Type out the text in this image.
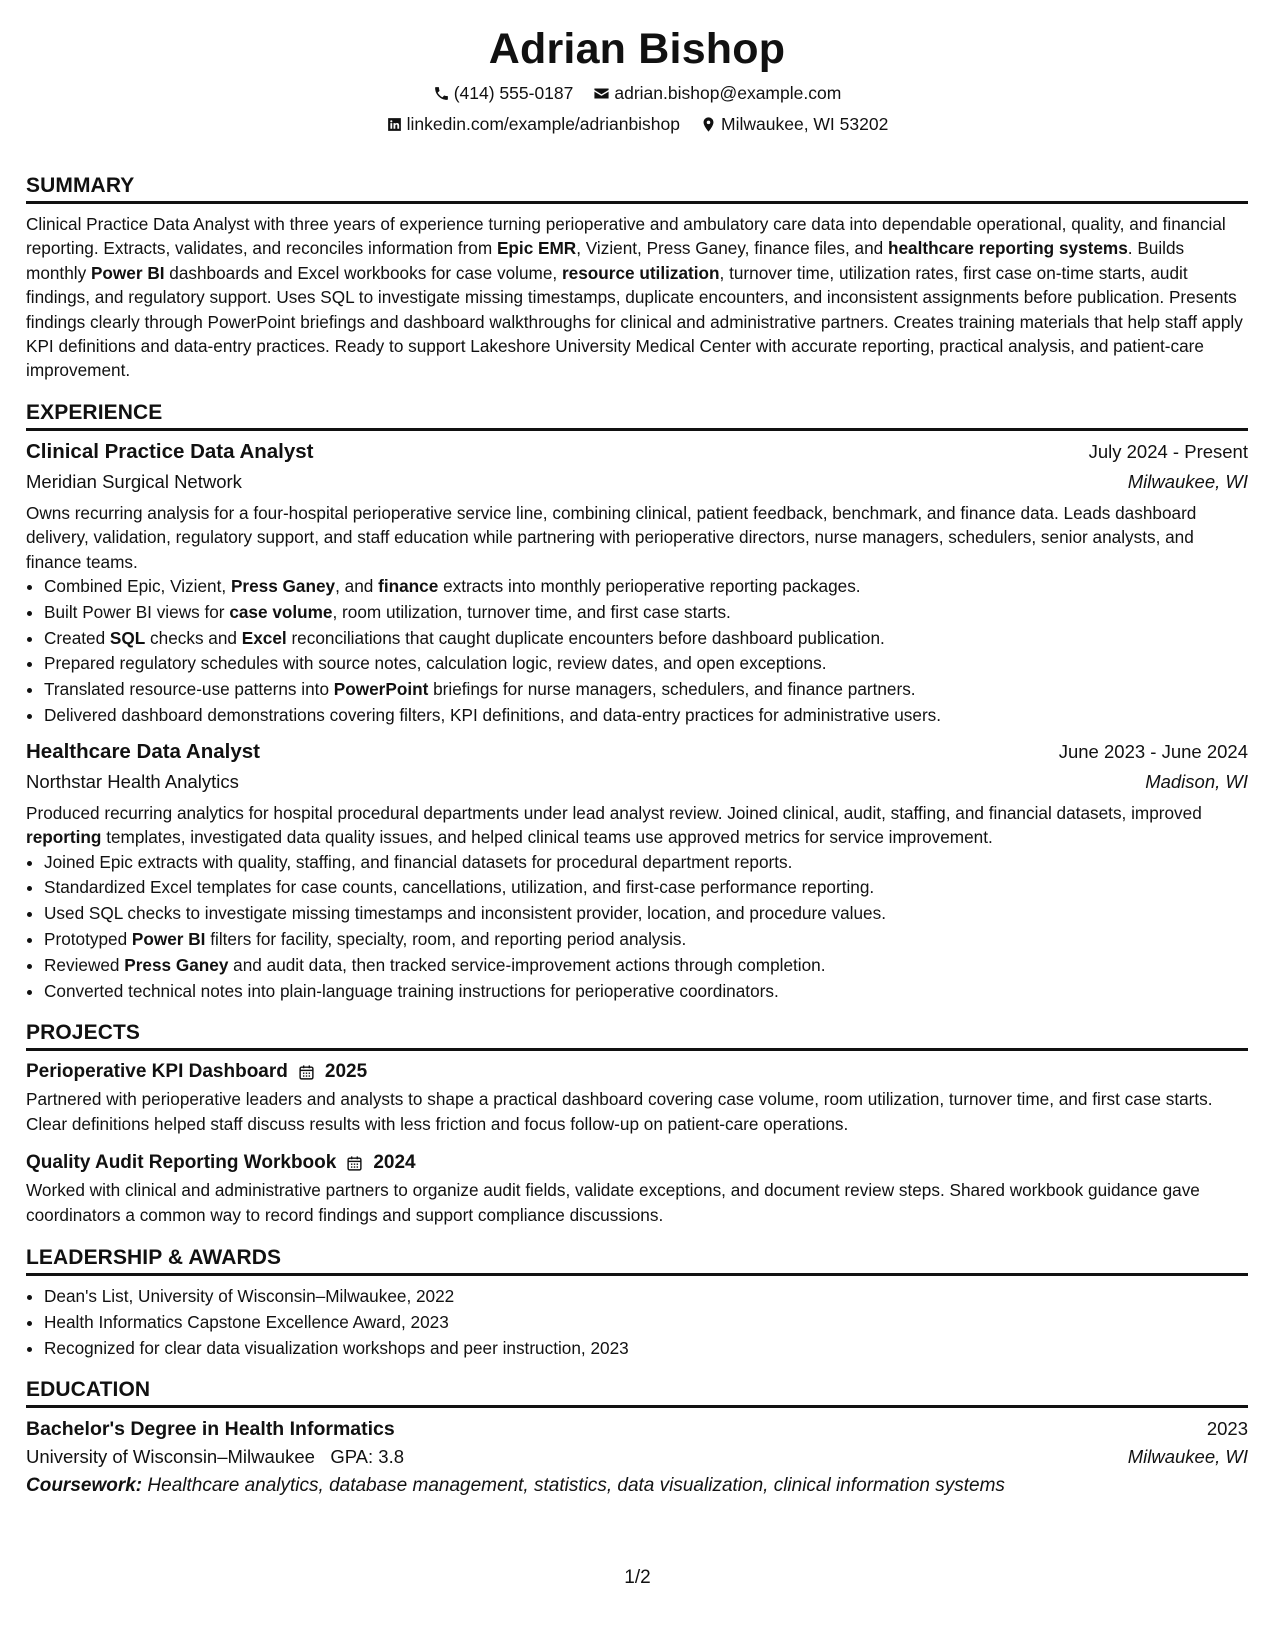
Adrian Bishop
(414) 555-0187 adrian.bishop@example.com
linkedin.com/example/adrianbishop Milwaukee, WI 53202
SUMMARY

Clinical Practice Data Analyst with three years of experience turning perioperative and ambulatory care data into dependable operational, quality, and financial reporting. Extracts, validates, and reconciles information from Epic EMR, Vizient, Press Ganey, finance files, and healthcare reporting systems. Builds monthly Power BI dashboards and Excel workbooks for case volume, resource utilization, turnover time, utilization rates, first case on-time starts, audit findings, and regulatory support. Uses SQL to investigate missing timestamps, duplicate encounters, and inconsistent assignments before publication. Presents findings clearly through PowerPoint briefings and dashboard walkthroughs for clinical and administrative partners. Creates training materials that help staff apply KPI definitions and data-entry practices. Ready to support Lakeshore University Medical Center with accurate reporting, practical analysis, and patient-care improvement.

EXPERIENCE
Clinical Practice Data Analyst	July 2024 - Present
Meridian Surgical Network	Milwaukee, WI

Owns recurring analysis for a four-hospital perioperative service line, combining clinical, patient feedback, benchmark, and finance data. Leads dashboard delivery, validation, regulatory support, and staff education while partnering with perioperative directors, nurse managers, schedulers, senior analysts, and finance teams.

• Combined Epic, Vizient, Press Ganey, and finance extracts into monthly perioperative reporting packages.
• Built Power BI views for case volume, room utilization, turnover time, and first case starts.
• Created SQL checks and Excel reconciliations that caught duplicate encounters before dashboard publication.
• Prepared regulatory schedules with source notes, calculation logic, review dates, and open exceptions.
• Translated resource-use patterns into PowerPoint briefings for nurse managers, schedulers, and finance partners.
• Delivered dashboard demonstrations covering filters, KPI definitions, and data-entry practices for administrative users.
Healthcare Data Analyst	June 2023 - June 2024
Northstar Health Analytics	Madison, WI

Produced recurring analytics for hospital procedural departments under lead analyst review. Joined clinical, audit, staffing, and financial datasets, improved reporting templates, investigated data quality issues, and helped clinical teams use approved metrics for service improvement.

• Joined Epic extracts with quality, staffing, and financial datasets for procedural department reports.
• Standardized Excel templates for case counts, cancellations, utilization, and first-case performance reporting.
• Used SQL checks to investigate missing timestamps and inconsistent provider, location, and procedure values.
• Prototyped Power BI filters for facility, specialty, room, and reporting period analysis.
• Reviewed Press Ganey and audit data, then tracked service-improvement actions through completion.
• Converted technical notes into plain-language training instructions for perioperative coordinators.
PROJECTS
Perioperative KPI Dashboard 2025

Partnered with perioperative leaders and analysts to shape a practical dashboard covering case volume, room utilization, turnover time, and first case starts. Clear definitions helped staff discuss results with less friction and focus follow-up on patient-care operations.

Quality Audit Reporting Workbook 2024

Worked with clinical and administrative partners to organize audit fields, validate exceptions, and document review steps. Shared workbook guidance gave coordinators a common way to record findings and support compliance discussions.

LEADERSHIP & AWARDS
• Dean's List, University of Wisconsin–Milwaukee, 2022
• Health Informatics Capstone Excellence Award, 2023
• Recognized for clear data visualization workshops and peer instruction, 2023
EDUCATION
Bachelor's Degree in Health Informatics	2023
University of Wisconsin–Milwaukee GPA: 3.8	Milwaukee, WI
Coursework: Healthcare analytics, database management, statistics, data visualization, clinical information systems
1/2
